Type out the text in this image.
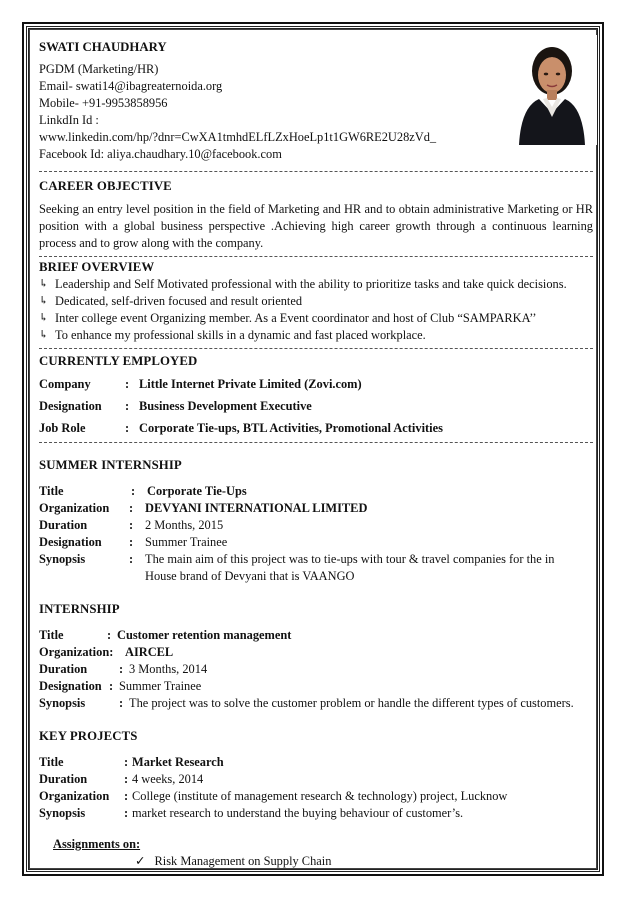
SWATI CHAUDHARY
PGDM (Marketing/HR)
Email- swati14@ibagreaternoida.org
Mobile- +91-9953858956
LinkdIn Id :
www.linkedin.com/hp/?dnr=CwXA1tmhdELfLZxHoeLp1t1GW6RE2U28zVd_
Facebook Id: aliya.chaudhary.10@facebook.com
CAREER OBJECTIVE
Seeking an entry level position in the field of Marketing and HR and to obtain administrative Marketing or HR position with a global business perspective .Achieving high career growth through a continuous learning process and to grow along with the company.
BRIEF OVERVIEW
↳ Leadership and Self Motivated professional with the ability to prioritize tasks and take quick decisions.
↳ Dedicated, self-driven focused and result oriented
↳ Inter college event Organizing member. As a Event coordinator and host of Club “SAMPARKA’’
↳ To enhance my professional skills in a dynamic and fast placed workplace.
CURRENTLY EMPLOYED
Company	: Little Internet Private Limited (Zovi.com)
Designation	: Business Development Executive
Job Role	: Corporate Tie-ups, BTL Activities, Promotional Activities
SUMMER INTERNSHIP
Title	: Corporate Tie-Ups
Organization	: DEVYANI INTERNATIONAL LIMITED
Duration	: 2 Months, 2015
Designation	: Summer Trainee
Synopsis	: The main aim of this project was to tie-ups with tour & travel companies for the in House brand of Devyani that is VAANGO
INTERNSHIP
Title	: Customer retention management
Organization: AIRCEL
Duration	: 3 Months, 2014
Designation : Summer Trainee
Synopsis	: The project was to solve the customer problem or handle the different types of customers.
KEY PROJECTS
Title	: Market Research
Duration	: 4 weeks, 2014
Organization	: College (institute of management research & technology) project, Lucknow
Synopsis	: market research to understand the buying behaviour of customer’s.
Assignments on:
✓ Risk Management on Supply Chain
